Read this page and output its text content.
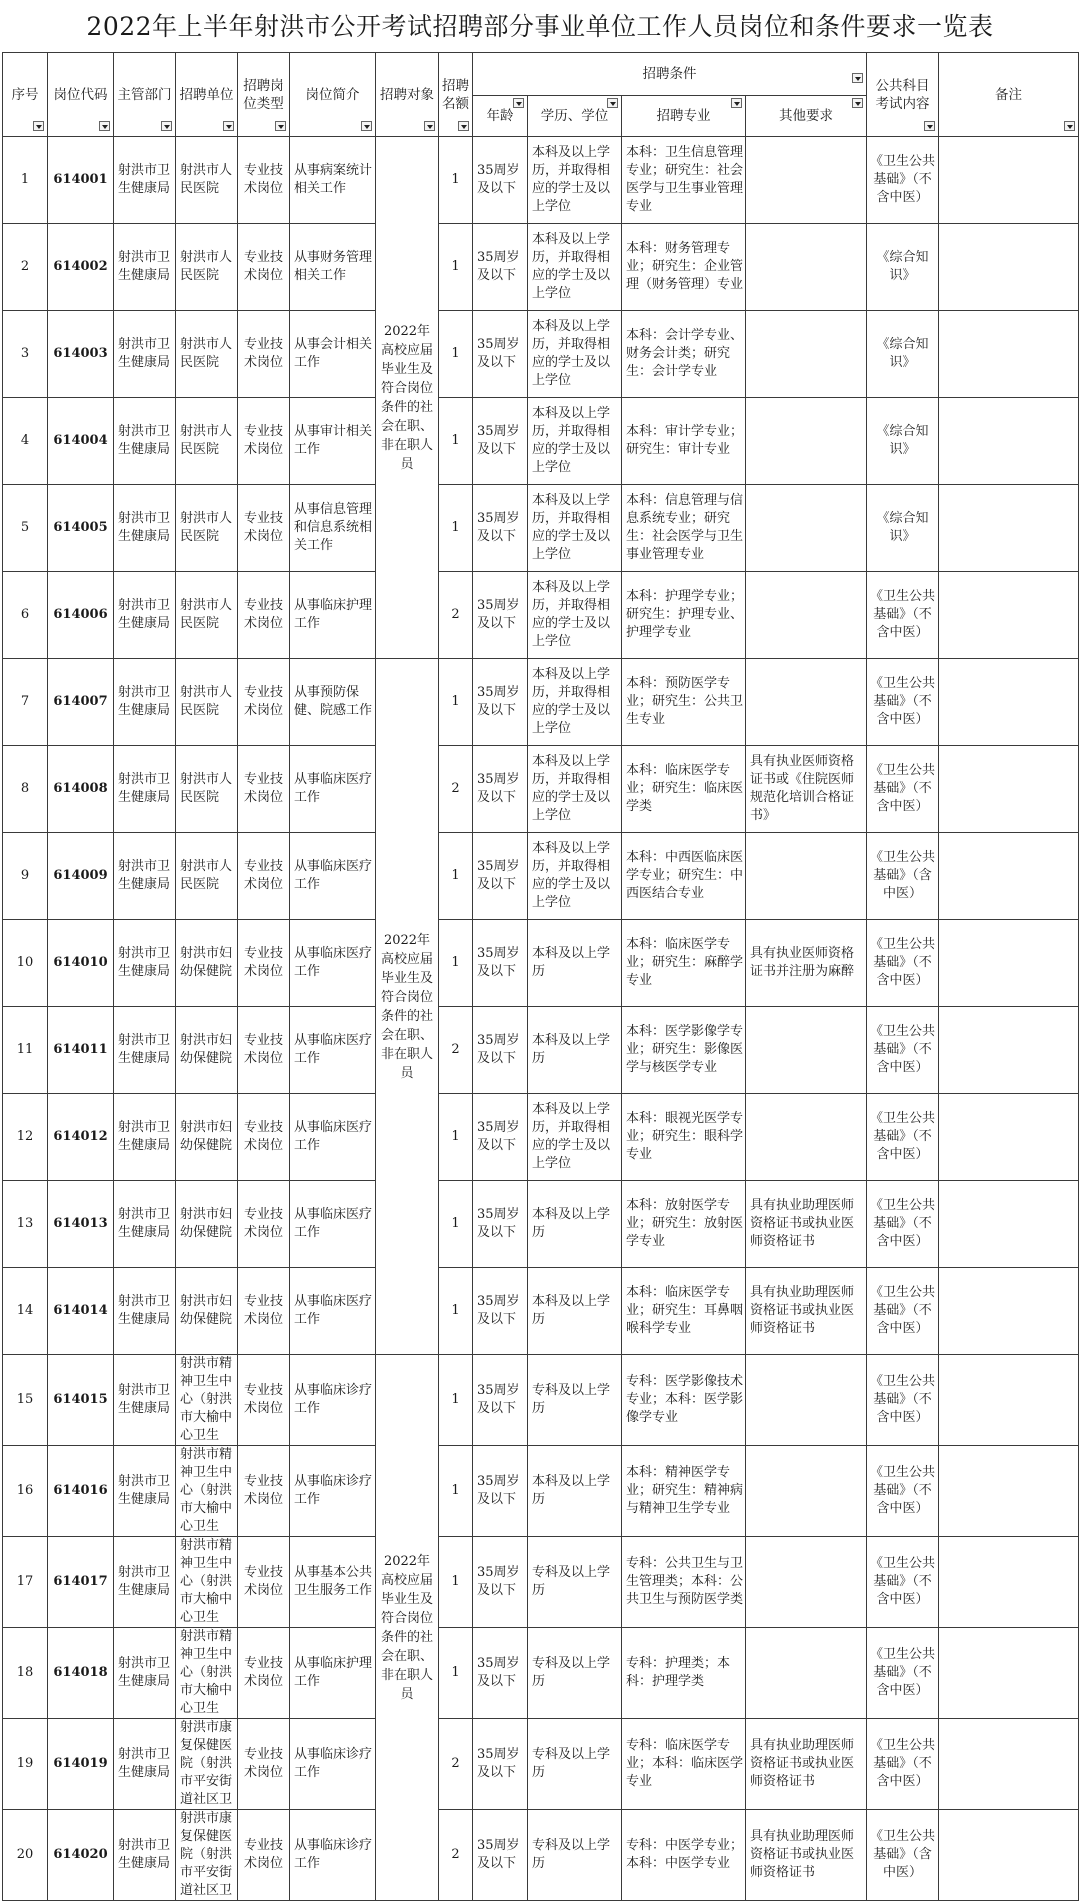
2022年上半年射洪市公开考试招聘部分事业单位工作人员岗位和条件要求一览表
序号	岗位代码	主管部门	招聘单位	招聘岗位类型	岗位简介	招聘对象	招聘名额	招聘条件				公共科目考试内容	备注

年龄	学历、学位	招聘专业	其他要求		
1	614001	射洪市卫生健康局	射洪市人民医院	专业技术岗位	从事病案统计相关工作	2022年高校应届毕业生及符合岗位条件的社会在职、非在职人员	1	35周岁及以下	本科及以上学历，并取得相应的学士及以上学位	本科：卫生信息管理专业；研究生：社会医学与卫生事业管理专业		《卫生公共基础》（不含中医）	
2	614002	射洪市卫生健康局	射洪市人民医院	专业技术岗位	从事财务管理相关工作		1	35周岁及以下	本科及以上学历，并取得相应的学士及以上学位	本科：财务管理专业；研究生：企业管理（财务管理）专业		《综合知识》	
3	614003	射洪市卫生健康局	射洪市人民医院	专业技术岗位	从事会计相关工作		1	35周岁及以下	本科及以上学历，并取得相应的学士及以上学位	本科：会计学专业、财务会计类；研究生：会计学专业		《综合知识》	
4	614004	射洪市卫生健康局	射洪市人民医院	专业技术岗位	从事审计相关工作		1	35周岁及以下	本科及以上学历，并取得相应的学士及以上学位	本科：审计学专业；研究生：审计专业		《综合知识》	
5	614005	射洪市卫生健康局	射洪市人民医院	专业技术岗位	从事信息管理和信息系统相关工作		1	35周岁及以下	本科及以上学历，并取得相应的学士及以上学位	本科：信息管理与信息系统专业；研究生：社会医学与卫生事业管理专业		《综合知识》	
6	614006	射洪市卫生健康局	射洪市人民医院	专业技术岗位	从事临床护理工作		2	35周岁及以下	本科及以上学历，并取得相应的学士及以上学位	本科：护理学专业；研究生：护理专业、护理学专业		《卫生公共基础》（不含中医）	
7	614007	射洪市卫生健康局	射洪市人民医院	专业技术岗位	从事预防保健、院感工作	2022年高校应届毕业生及符合岗位条件的社会在职、非在职人员	1	35周岁及以下	本科及以上学历，并取得相应的学士及以上学位	本科：预防医学专业；研究生：公共卫生专业		《卫生公共基础》（不含中医）	
8	614008	射洪市卫生健康局	射洪市人民医院	专业技术岗位	从事临床医疗工作		2	35周岁及以下	本科及以上学历，并取得相应的学士及以上学位	本科：临床医学专业；研究生：临床医学类	具有执业医师资格证书或《住院医师规范化培训合格证书》	《卫生公共基础》（不含中医）	
9	614009	射洪市卫生健康局	射洪市人民医院	专业技术岗位	从事临床医疗工作		1	35周岁及以下	本科及以上学历，并取得相应的学士及以上学位	本科：中西医临床医学专业；研究生：中西医结合专业		《卫生公共基础》（含中医）	
10	614010	射洪市卫生健康局	射洪市妇幼保健院	专业技术岗位	从事临床医疗工作		1	35周岁及以下	本科及以上学历	本科：临床医学专业；研究生：麻醉学专业	具有执业医师资格证书并注册为麻醉	《卫生公共基础》（不含中医）	
11	614011	射洪市卫生健康局	射洪市妇幼保健院	专业技术岗位	从事临床医疗工作		2	35周岁及以下	本科及以上学历	本科：医学影像学专业；研究生：影像医学与核医学专业		《卫生公共基础》（不含中医）	
12	614012	射洪市卫生健康局	射洪市妇幼保健院	专业技术岗位	从事临床医疗工作		1	35周岁及以下	本科及以上学历，并取得相应的学士及以上学位	本科：眼视光医学专业；研究生：眼科学专业		《卫生公共基础》（不含中医）	
13	614013	射洪市卫生健康局	射洪市妇幼保健院	专业技术岗位	从事临床医疗工作		1	35周岁及以下	本科及以上学历	本科：放射医学专业；研究生：放射医学专业	具有执业助理医师资格证书或执业医师资格证书	《卫生公共基础》（不含中医）	
14	614014	射洪市卫生健康局	射洪市妇幼保健院	专业技术岗位	从事临床医疗工作		1	35周岁及以下	本科及以上学历	本科：临床医学专业；研究生：耳鼻咽喉科学专业	具有执业助理医师资格证书或执业医师资格证书	《卫生公共基础》（不含中医）	
15	614015	射洪市卫生健康局	射洪市精神卫生中心（射洪市大榆中心卫生	专业技术岗位	从事临床诊疗工作	2022年高校应届毕业生及符合岗位条件的社会在职、非在职人员	1	35周岁及以下	专科及以上学历	专科：医学影像技术专业；本科：医学影像学专业		《卫生公共基础》（不含中医）	
16	614016	射洪市卫生健康局	射洪市精神卫生中心（射洪市大榆中心卫生	专业技术岗位	从事临床诊疗工作		1	35周岁及以下	本科及以上学历	本科：精神医学专业；研究生：精神病与精神卫生学专业		《卫生公共基础》（不含中医）	
17	614017	射洪市卫生健康局	射洪市精神卫生中心（射洪市大榆中心卫生	专业技术岗位	从事基本公共卫生服务工作		1	35周岁及以下	专科及以上学历	专科：公共卫生与卫生管理类；本科：公共卫生与预防医学类		《卫生公共基础》（不含中医）	
18	614018	射洪市卫生健康局	射洪市精神卫生中心（射洪市大榆中心卫生	专业技术岗位	从事临床护理工作		1	35周岁及以下	专科及以上学历	专科：护理类；本科：护理学类		《卫生公共基础》（不含中医）	
19	614019	射洪市卫生健康局	射洪市康复保健医院（射洪市平安街道社区卫	专业技术岗位	从事临床诊疗工作		2	35周岁及以下	专科及以上学历	专科：临床医学专业；本科：临床医学专业	具有执业助理医师资格证书或执业医师资格证书	《卫生公共基础》（不含中医）	
20	614020	射洪市卫生健康局	射洪市康复保健医院（射洪市平安街道社区卫	专业技术岗位	从事临床诊疗工作		2	35周岁及以下	专科及以上学历	专科：中医学专业；本科：中医学专业	具有执业助理医师资格证书或执业医师资格证书	《卫生公共基础》（含中医）	
